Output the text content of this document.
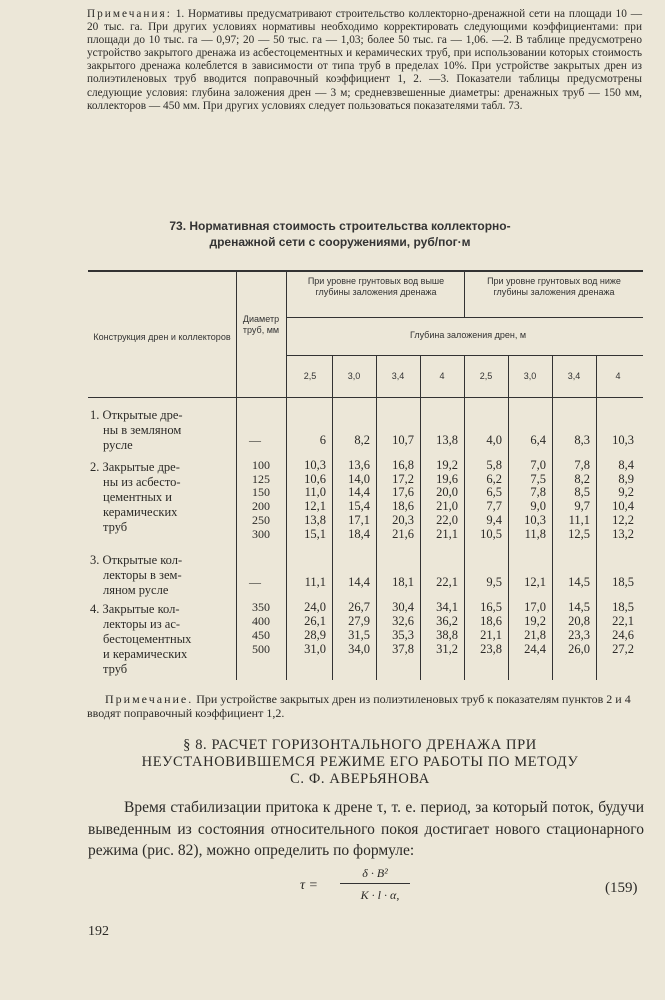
Примечания: 1. Нормативы предусматривают строительство коллекторно-дренажной сети на площади 10 — 20 тыс. га. При других условиях нормативы необходимо корректировать следующими коэффициентами: при площади до 10 тыс. га — 0,97; 20 — 50 тыс. га — 1,03; более 50 тыс. га — 1,06. —2. В таблице предусмотрено устройство закрытого дренажа из асбестоцементных и керамических труб, при использовании которых стоимость закрытого дренажа колеблется в зависимости от типа труб в пределах 10%. При устройстве закрытых дрен из полиэтиленовых труб вводится поправочный коэффициент 1, 2. —3. Показатели таблицы предусмотрены следующие условия: глубина заложения дрен — 3 м; средневзвешенные диаметры: дренажных труб — 150 мм, коллекторов — 450 мм. При других условиях следует пользоваться показателями табл. 73.
73. Нормативная стоимость строительства коллекторно-
дренажной сети с сооружениями, руб/пог·м
Конструкция дрен и коллекторов
Диаметр труб, мм
При уровне грунтовых вод выше глубины заложения дренажа
При уровне грунтовых вод ниже глубины заложения дренажа
Глубина заложения дрен, м
2,5	3,0	3,4	4	2,5	3,0	3,4	4
1. Открытые дре-
ны в земляном
русле	—	6	8,2	10,7	13,8	4,0	6,4	8,3	10,3
2. Закрытые дре-
ны из асбесто-
цементных и
керамических
труб
100	10,3	13,6	16,8	19,2	5,8	7,0	7,8	8,4
125	10,6	14,0	17,2	19,6	6,2	7,5	8,2	8,9
150	11,0	14,4	17,6	20,0	6,5	7,8	8,5	9,2
200	12,1	15,4	18,6	21,0	7,7	9,0	9,7	10,4
250	13,8	17,1	20,3	22,0	9,4	10,3	11,1	12,2
300	15,1	18,4	21,6	21,1	10,5	11,8	12,5	13,2
3. Открытые кол-
лекторы в зем-
ляном русле
—	11,1	14,4	18,1	22,1	9,5	12,1	14,5	18,5
4. Закрытые кол-
лекторы из ас-
бестоцементных
и керамических
труб
350	24,0	26,7	30,4	34,1	16,5	17,0	14,5	18,5
400	26,1	27,9	32,6	36,2	18,6	19,2	20,8	22,1
450	28,9	31,5	35,3	38,8	21,1	21,8	23,3	24,6
500	31,0	34,0	37,8	31,2	23,8	24,4	26,0	27,2
Примечание. При устройстве закрытых дрен из полиэтиленовых труб к показателям пунктов 2 и 4 вводят поправочный коэффициент 1,2.
§ 8. РАСЧЕТ ГОРИЗОНТАЛЬНОГО ДРЕНАЖА ПРИ
НЕУСТАНОВИВШЕМСЯ РЕЖИМЕ ЕГО РАБОТЫ ПО МЕТОДУ
С. Ф. АВЕРЬЯНОВА
Время стабилизации притока к дрене τ, т. е. период, за который поток, будучи выведенным из состояния относительного покоя достигает нового стационарного режима (рис. 82), можно определить по формуле:
τ =
δ · B²
K · l · α,	(159)
192
